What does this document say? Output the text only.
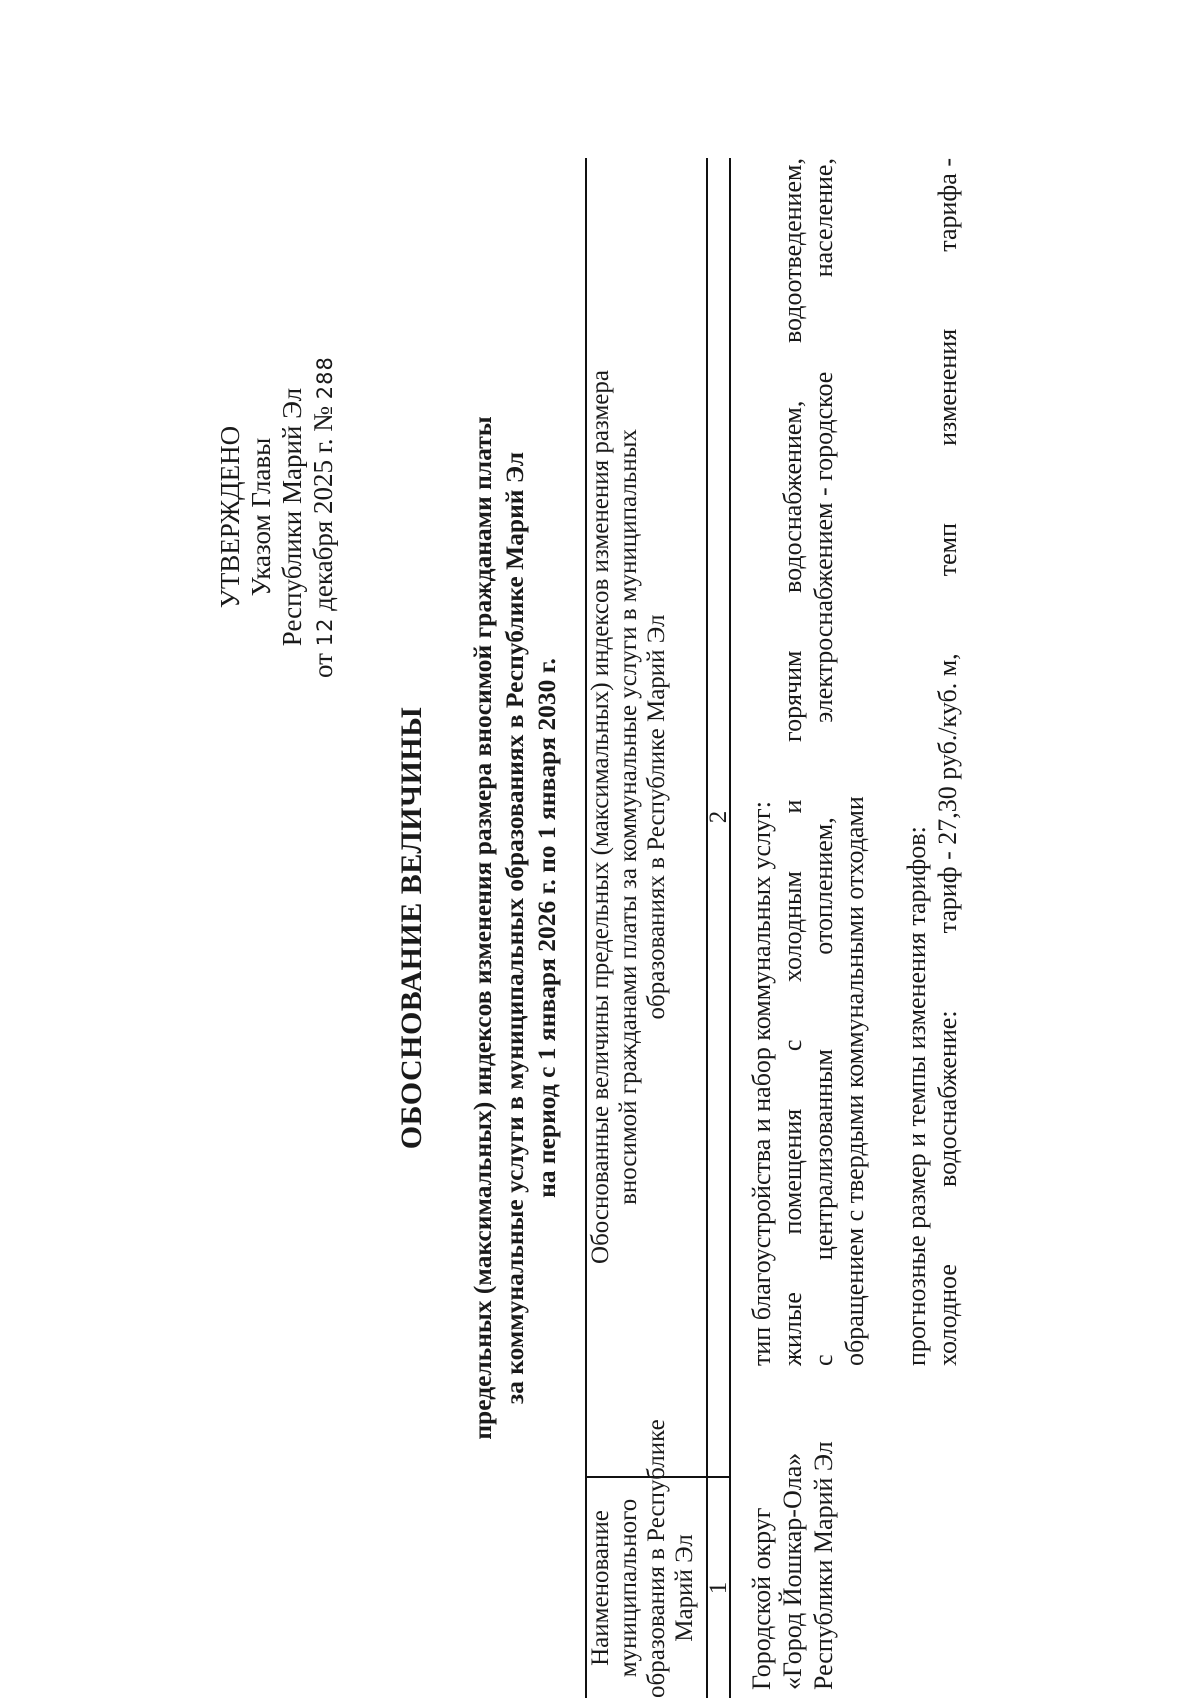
УТВЕРЖДЕНО Указом Главы Республики Марий Эл
от 12 декабря 2025 г. № 288
ОБОСНОВАНИЕ ВЕЛИЧИНЫ предельных (максимальных) индексов изменения размера вносимой гражданами платы за коммунальные услуги в муниципальных образованиях в Республике Марий Эл на период с 1 января 2026 г. по 1 января 2030 г.
Наименование муниципального образования в Республике Марий Эл
Обоснованные величины предельных (максимальных) индексов изменения размера вносимой гражданами платы за коммунальные услуги в муниципальных образованиях в Республике Марий Эл
1
2
Городской округ «Город Йошкар-Ола» Республики Марий Эл
тип благоустройства и набор коммунальных услуг: жилые
помещения
с
холодным
и
горячим
водоснабжением,
водоотведением,
с
централизованным
отоплением,
электроснабжением - городское
население,
обращением с твердыми коммунальными отходами прогнозные размер и темпы изменения тарифов: холодное
водоснабжение:
тариф - 27,30 руб./куб. м,
темп
изменения
тарифа -
